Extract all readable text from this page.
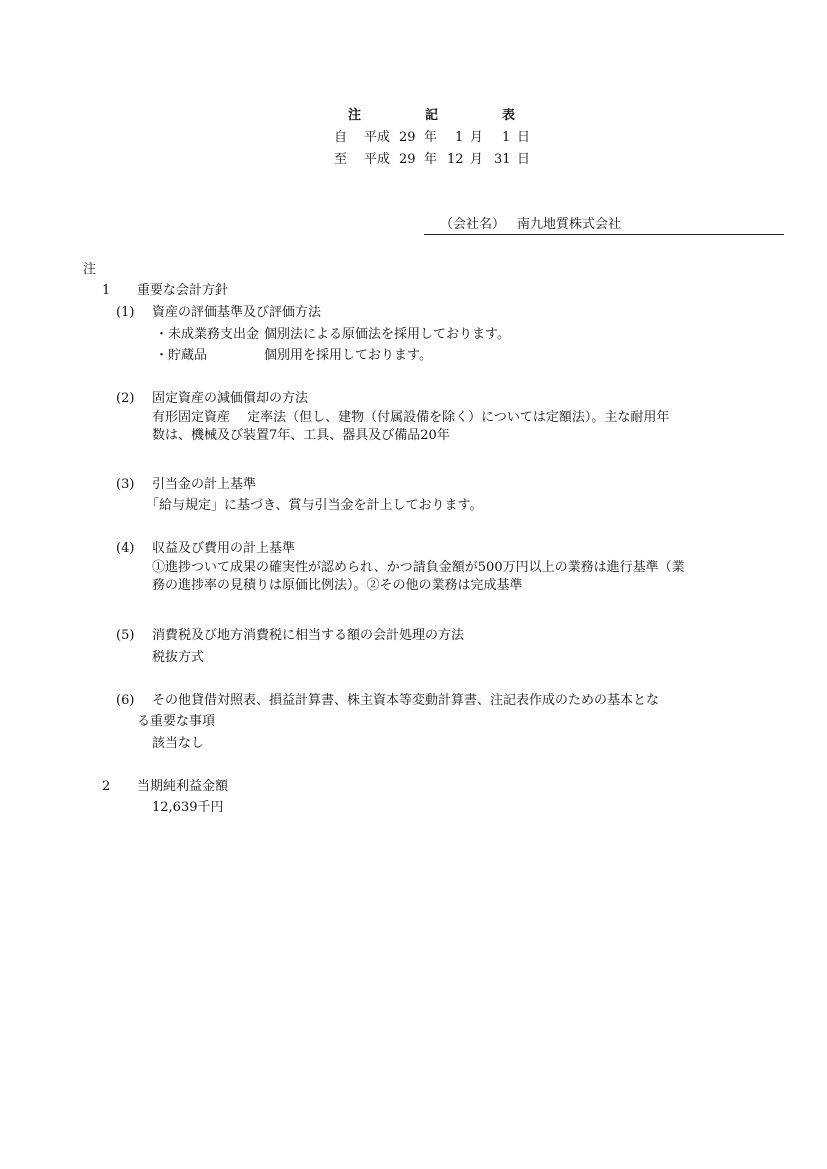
注	記	表
自 平成 29 年 1 月 1 日
至 平成 29 年 12 月 31 日
（会社名） 南九地質株式会社
注
1 重要な会計方針
(1) 資産の評価基準及び評価方法
・未成業務支出金 個別法による原価法を採用しております。
・貯蔵品	個別用を採用しております。
(2) 固定資産の減価償却の方法
有形固定資産　 定率法（但し、建物（付属設備を除く）については定額法）。主な耐用年
数は、機械及び装置7年、工具、器具及び備品20年
(3) 引当金の計上基準
「給与規定」に基づき、賞与引当金を計上しております。
(4) 収益及び費用の計上基準
①進捗ついて成果の確実性が認められ、かつ請負金額が500万円以上の業務は進行基準（業
務の進捗率の見積りは原価比例法）。②その他の業務は完成基準
(5) 消費税及び地方消費税に相当する額の会計処理の方法
税抜方式
(6) その他貸借対照表、損益計算書、株主資本等変動計算書、注記表作成のための基本とな
る重要な事項
該当なし
2 当期純利益金額
12,639千円
